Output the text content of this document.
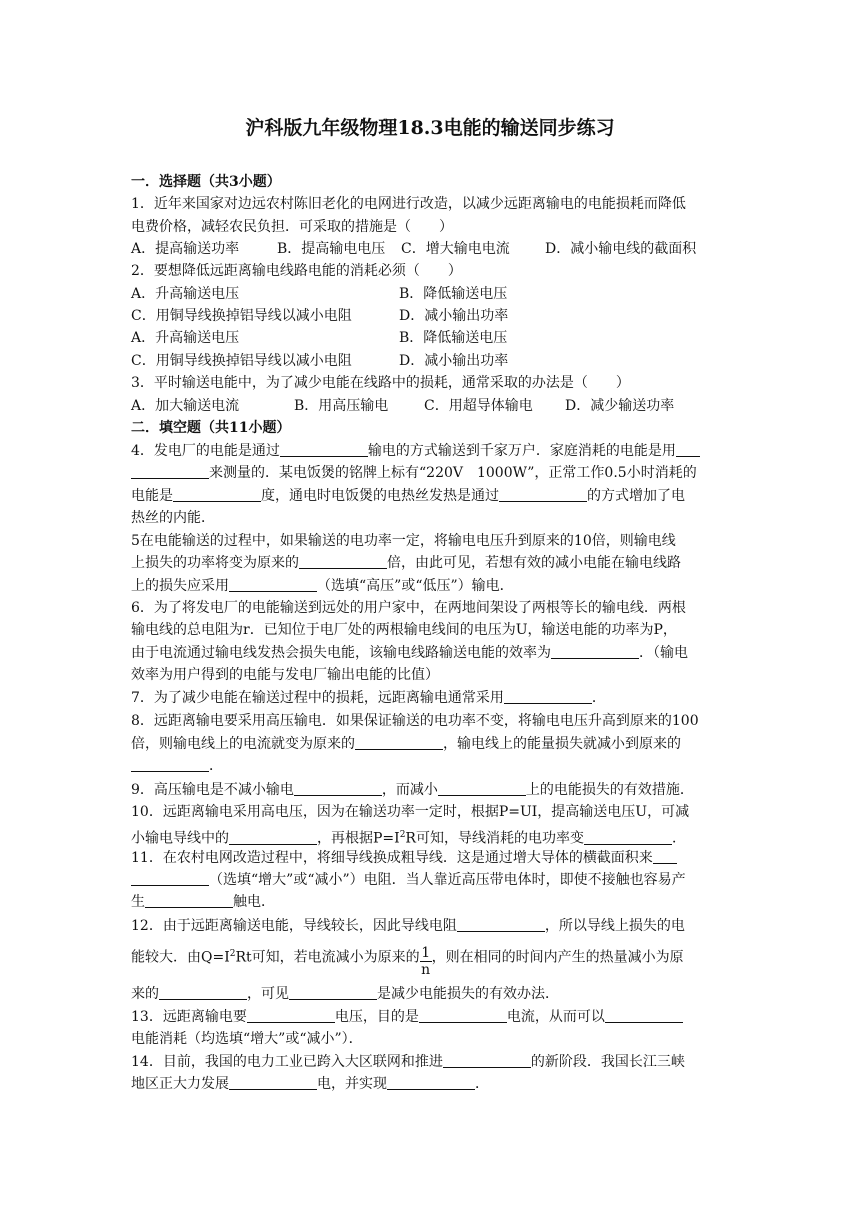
沪科版九年级物理18.3电能的输送同步练习
一．选择题（共3小题）
1．近年来国家对边远农村陈旧老化的电网进行改造，以减少远距离输电的电能损耗而降低
电费价格，减轻农民负担．可采取的措施是（　　）
A．提高输送功率	B．提高输电电压 C．增大输电电流	D．减小输电线的截面积
2．要想降低远距离输电线路电能的消耗必须（　　）
A．升高输送电压	B．降低输送电压
C．用铜导线换掉铝导线以减小电阻	D．减小输出功率
A．升高输送电压	B．降低输送电压
C．用铜导线换掉铝导线以减小电阻	D．减小输出功率
3．平时输送电能中，为了减少电能在线路中的损耗，通常采取的办法是（　　）
A．加大输送电流	B．用高压输电	C．用超导体输电 D．减少输送功率
二．填空题（共11小题）
4．发电厂的电能是通过	输电的方式输送到千家万户．家庭消耗的电能是用
来测量的．某电饭煲的铭牌上标有“220V　1000W”，正常工作0.5小时消耗的
电能是	度，通电时电饭煲的电热丝发热是通过	的方式增加了电
热丝的内能．
5在电能输送的过程中，如果输送的电功率一定，将输电电压升到原来的10倍，则输电线
上损失的功率将变为原来的	倍，由此可见，若想有效的减小电能在输电线路
上的损失应采用	（选填“高压”或“低压”）输电．
6．为了将发电厂的电能输送到远处的用户家中，在两地间架设了两根等长的输电线．两根
输电线的总电阻为r．已知位于电厂处的两根输电线间的电压为U，输送电能的功率为P，
由于电流通过输电线发热会损失电能，该输电线路输送电能的效率为	．（输电
效率为用户得到的电能与发电厂输出电能的比值）
7．为了减少电能在输送过程中的损耗，远距离输电通常采用	．
8．远距离输电要采用高压输电．如果保证输送的电功率不变，将输电电压升高到原来的100
倍，则输电线上的电流就变为原来的	，输电线上的能量损失就减小到原来的
．
9．高压输电是不减小输电	，而减小	上的电能损失的有效措施．
10．远距离输电采用高电压，因为在输送功率一定时，根据P=UI，提高输送电压U，可减
小输电导线中的	，再根据$P=I^2R$可知，导线消耗的电功率变	．
11．在农村电网改造过程中，将细导线换成粗导线．这是通过增大导体的横截面积来
（选填“增大”或“减小”）电阻．当人靠近高压带电体时，即使不接触也容易产
生	触电．
12．由于远距离输送电能，导线较长，因此导线电阻	，所以导线上损失的电
能较大．由$Q=I^2Rt$可知，若电流减小为原来的 $\frac{1}{n}$ ，则在相同的时间内产生的热量减小为原
来的	，可见	是减少电能损失的有效办法．
13．远距离输电要	电压，目的是	电流，从而可以
电能消耗（均选填“增大”或“减小”）．
14．目前，我国的电力工业已跨入大区联网和推进	的新阶段．我国长江三峡
地区正大力发展	电，并实现	．
